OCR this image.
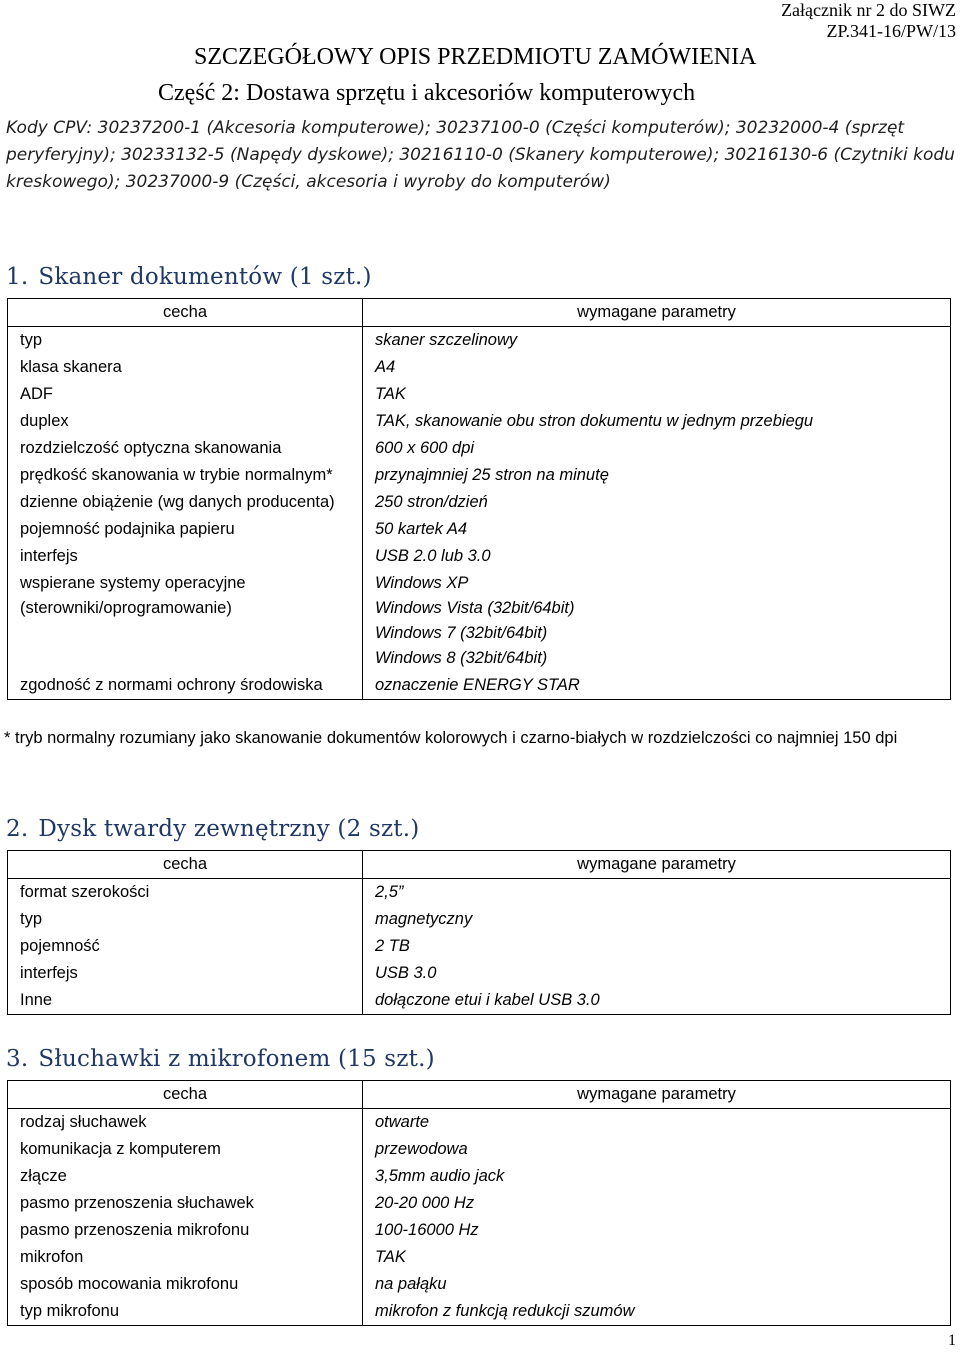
Załącznik nr 2 do SIWZ
ZP.341-16/PW/13
SZCZEGÓŁOWY OPIS PRZEDMIOTU ZAMÓWIENIA
Część 2: Dostawa sprzętu i akcesoriów komputerowych
Kody CPV: 30237200-1 (Akcesoria komputerowe); 30237100-0 (Części komputerów); 30232000-4 (sprzęt peryferyjny); 30233132-5 (Napędy dyskowe); 30216110-0 (Skanery komputerowe); 30216130-6 (Czytniki kodu kreskowego); 30237000-9 (Części, akcesoria i wyroby do komputerów)
1. Skaner dokumentów (1 szt.)
cecha	wymagane parametry
typ	skaner szczelinowy
klasa skanera	A4
ADF	TAK
duplex	TAK, skanowanie obu stron dokumentu w jednym przebiegu
rozdzielczość optyczna skanowania	600 x 600 dpi
prędkość skanowania w trybie normalnym*	przynajmniej 25 stron na minutę
dzienne obiążenie (wg danych producenta)	250 stron/dzień
pojemność podajnika papieru	50 kartek A4
interfejs	USB 2.0 lub 3.0
wspierane systemy operacyjne (sterowniki/oprogramowanie)	Windows XP
Windows Vista (32bit/64bit)
Windows 7 (32bit/64bit)
Windows 8 (32bit/64bit)
zgodność z normami ochrony środowiska	oznaczenie ENERGY STAR
* tryb normalny rozumiany jako skanowanie dokumentów kolorowych i czarno-białych w rozdzielczości co najmniej 150 dpi
2. Dysk twardy zewnętrzny (2 szt.)
cecha	wymagane parametry
format szerokości	2,5”
typ	magnetyczny
pojemność	2 TB
interfejs	USB 3.0
Inne	dołączone etui i kabel USB 3.0
3. Słuchawki z mikrofonem (15 szt.)
cecha	wymagane parametry
rodzaj słuchawek	otwarte
komunikacja z komputerem	przewodowa
złącze	3,5mm audio jack
pasmo przenoszenia słuchawek	20-20 000 Hz
pasmo przenoszenia mikrofonu	100-16000 Hz
mikrofon	TAK
sposób mocowania mikrofonu	na pałąku
typ mikrofonu	mikrofon z funkcją redukcji szumów
1
